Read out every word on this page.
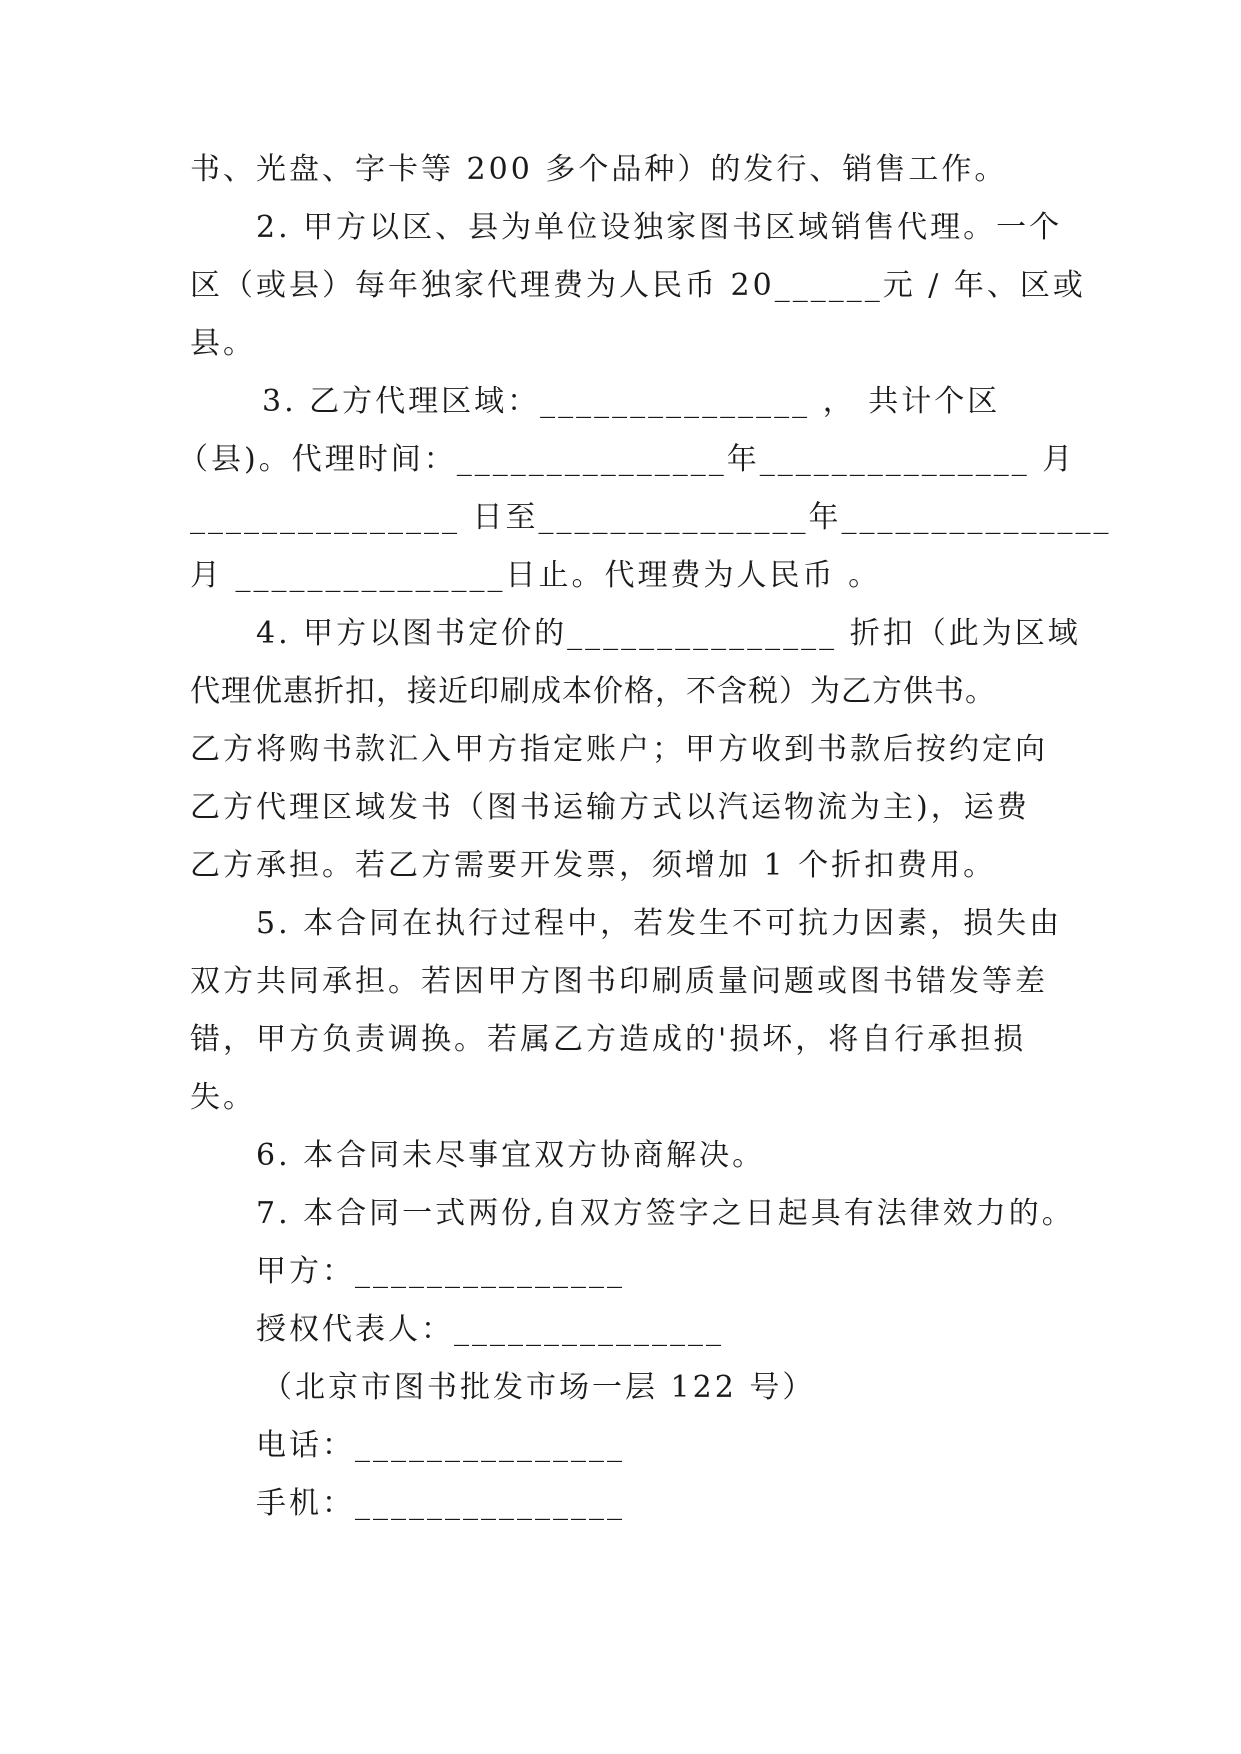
书、光盘、字卡等 200 多个品种）的发行、销售工作。
2. 甲方以区、县为单位设独家图书区域销售代理。一个
区（或县）每年独家代理费为人民币 20______元 / 年、区或
县。
3. 乙方代理区域：_______________ ， 共计个区
（县)。代理时间：_______________年_______________ 月
_______________ 日至_______________年_______________
月 _______________日止。代理费为人民币 。
4. 甲方以图书定价的_______________ 折扣（此为区域
代理优惠折扣，接近印刷成本价格，不含税）为乙方供书。
乙方将购书款汇入甲方指定账户；甲方收到书款后按约定向
乙方代理区域发书（图书运输方式以汽运物流为主)，运费
乙方承担。若乙方需要开发票，须增加 1 个折扣费用。
5. 本合同在执行过程中，若发生不可抗力因素，损失由
双方共同承担。若因甲方图书印刷质量问题或图书错发等差
错，甲方负责调换。若属乙方造成的'损坏，将自行承担损
失。
6. 本合同未尽事宜双方协商解决。
7. 本合同一式两份,自双方签字之日起具有法律效力的。
甲方：_______________
授权代表人：_______________
（北京市图书批发市场一层 122 号）
电话：_______________
手机：_______________
